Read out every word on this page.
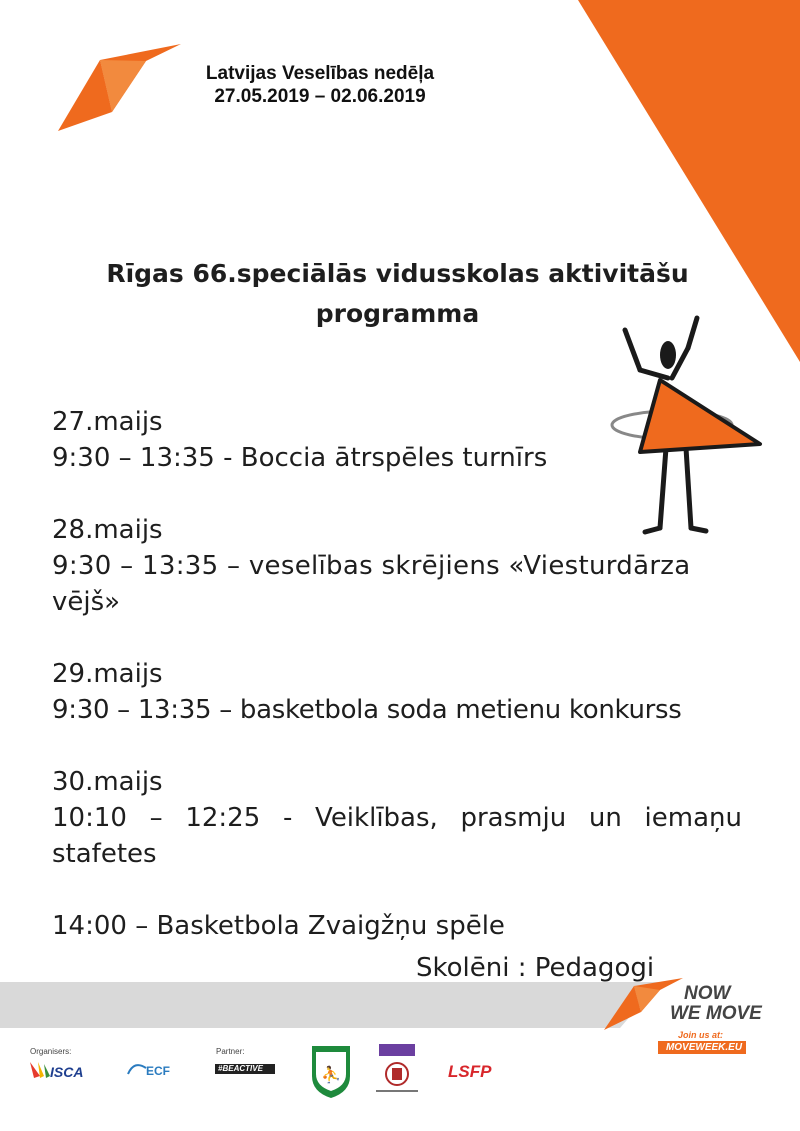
⛹
Latvijas Veselības nedēļa
27.05.2019 – 02.06.2019
Rīgas 66.speciālās vidusskolas aktivitāšu
programma
27.maijs
9:30 – 13:35 - Boccia ātrspēles turnīrs
28.maijs
9:30 – 13:35 – veselības skrējiens «Viesturdārza
vējš»
29.maijs
9:30 – 13:35 – basketbola soda metienu konkurss
30.maijs
10:10 – 12:25 - Veiklības, prasmju un iemaņu
stafetes
14:00 – Basketbola Zvaigžņu spēle
Skolēni : Pedagogi
NOW
WE MOVE
Join us at:
MOVEWEEK.EU
Organisers:	Partner:
ISCA	ECF	#BEACTIVE	LSFP
